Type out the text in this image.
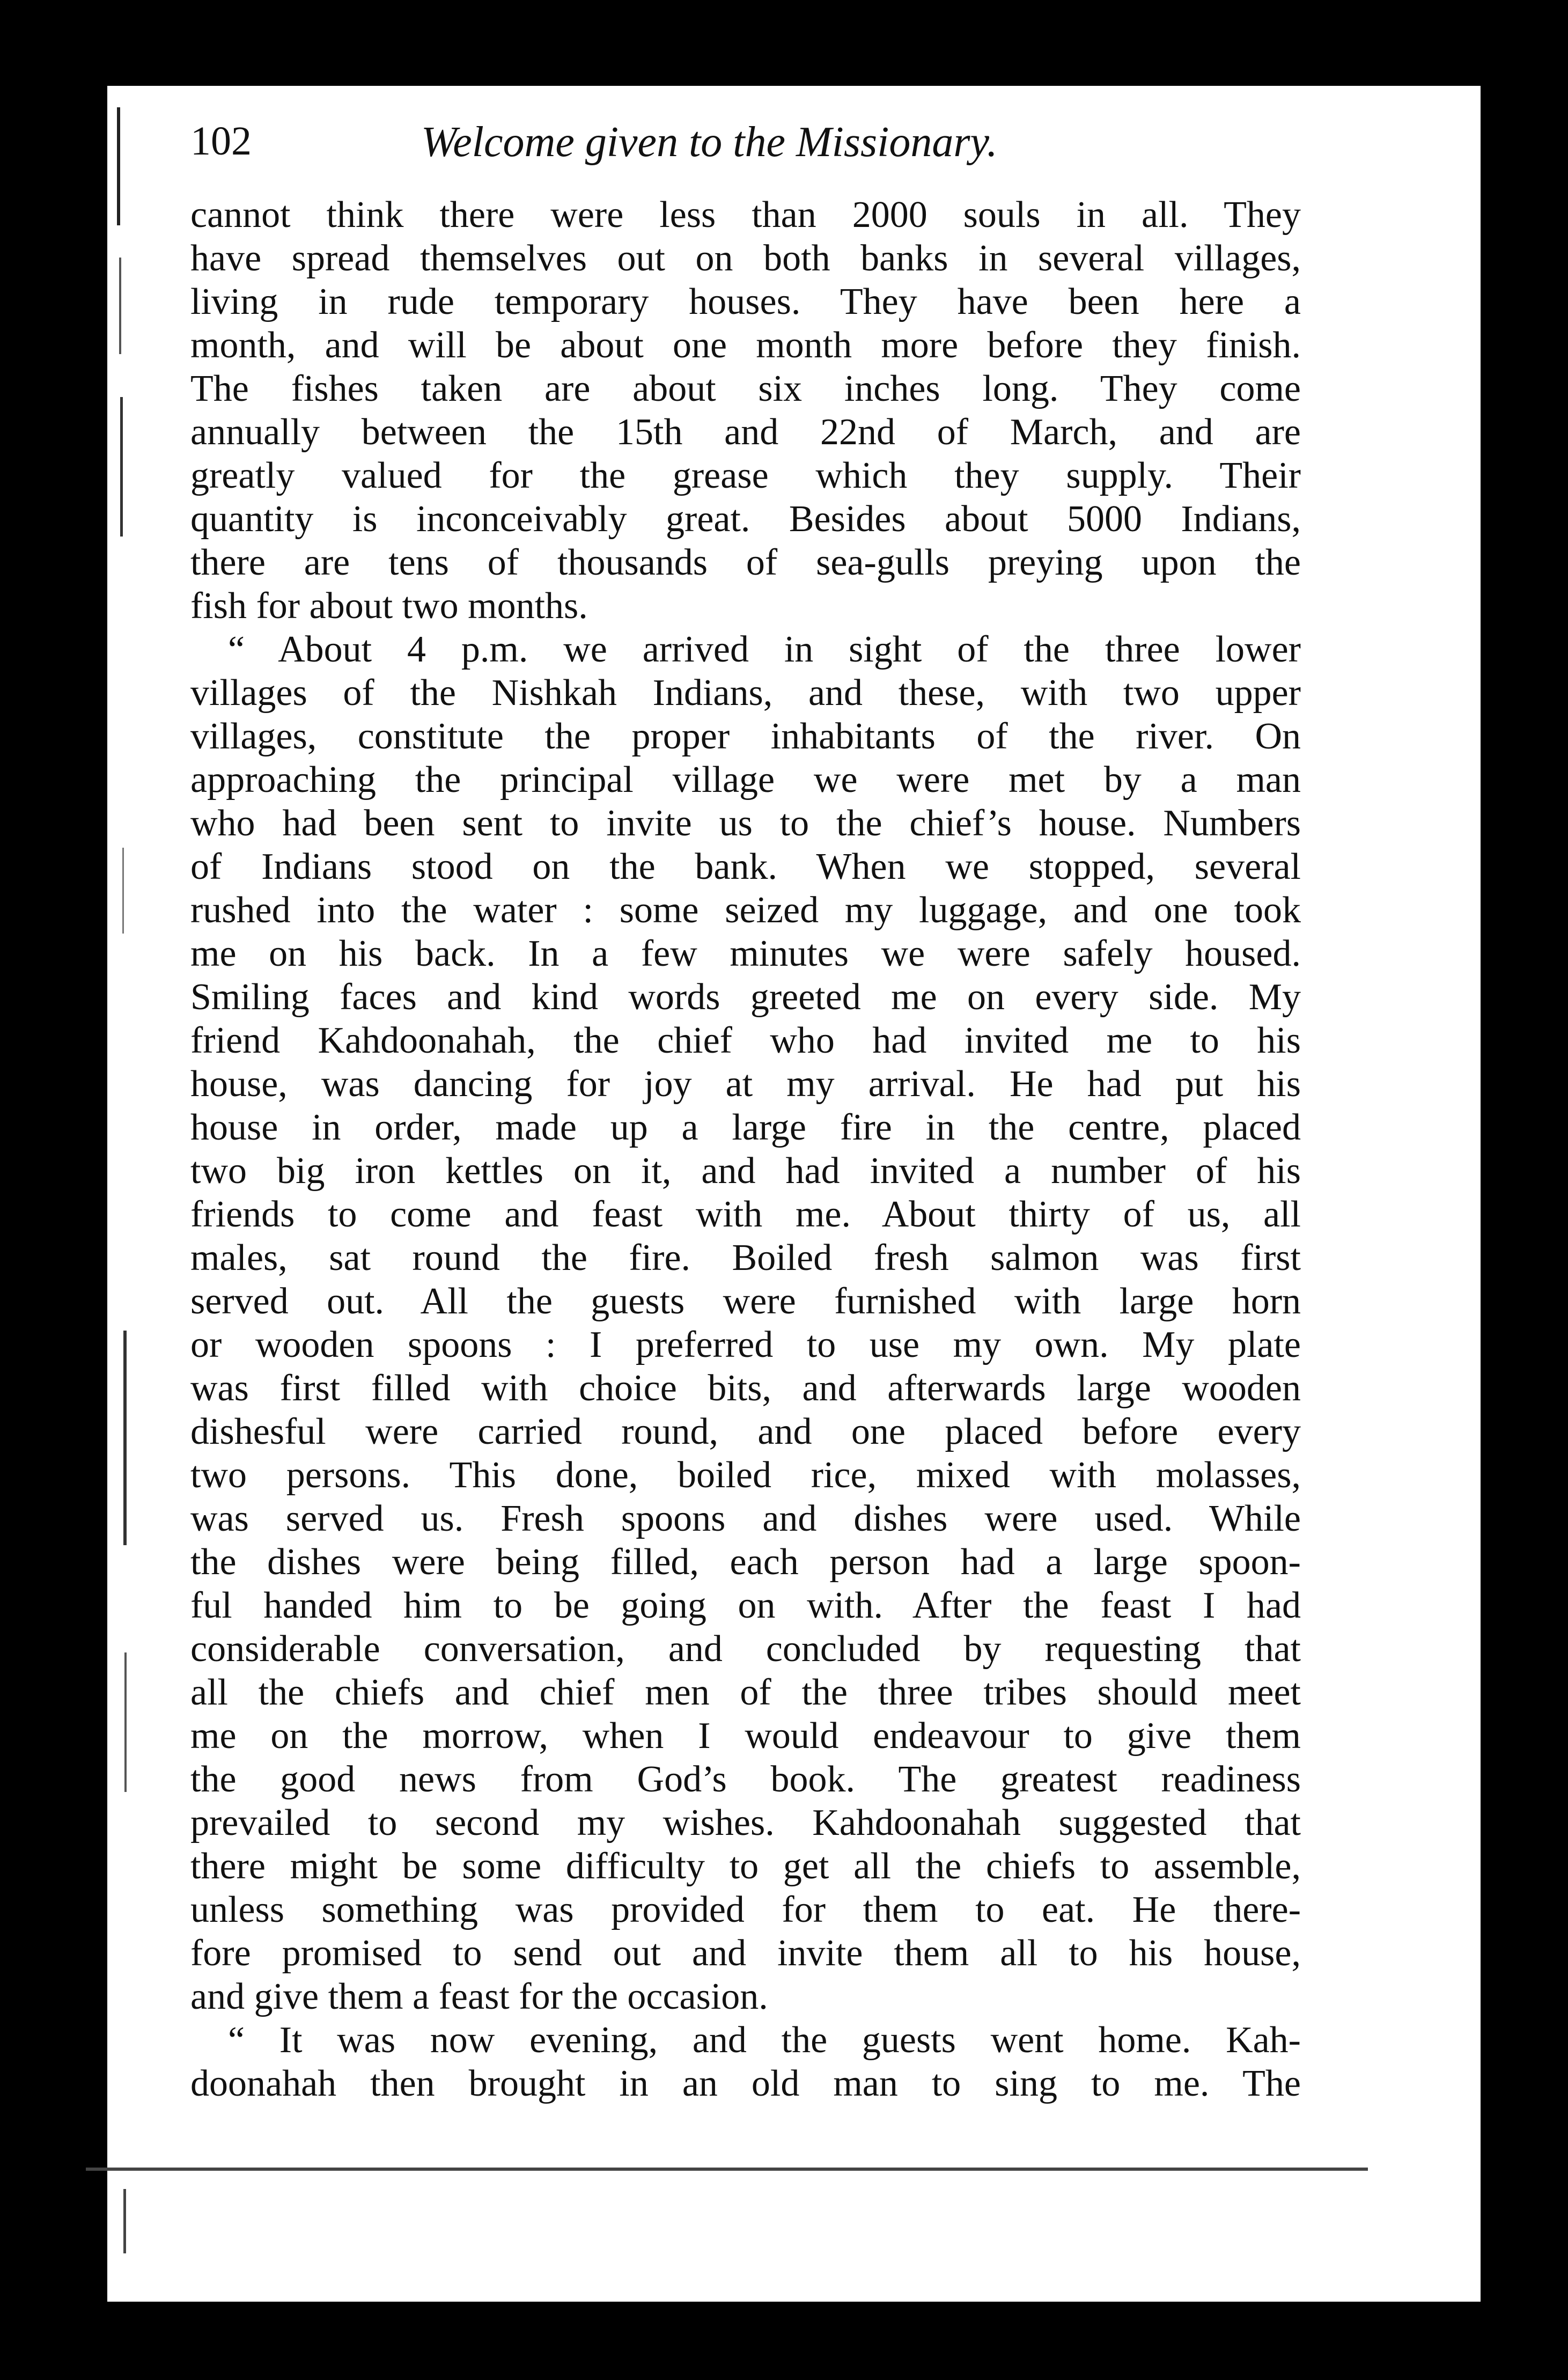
102	Welcome given to the Missionary.

cannot think there were less than 2000 souls in all. They
have spread themselves out on both banks in several villages,
living in rude temporary houses. They have been here a
month, and will be about one month more before they finish.
The fishes taken are about six inches long. They come
annually between the 15th and 22nd of March, and are
greatly valued for the grease which they supply. Their
quantity is inconceivably great. Besides about 5000 Indians,
there are tens of thousands of sea-gulls preying upon the
fish for about two months.

“ About 4 p.m. we arrived in sight of the three lower
villages of the Nishkah Indians, and these, with two upper
villages, constitute the proper inhabitants of the river. On
approaching the principal village we were met by a man
who had been sent to invite us to the chief’s house. Numbers
of Indians stood on the bank. When we stopped, several
rushed into the water : some seized my luggage, and one took
me on his back. In a few minutes we were safely housed.
Smiling faces and kind words greeted me on every side. My
friend Kahdoonahah, the chief who had invited me to his
house, was dancing for joy at my arrival. He had put his
house in order, made up a large fire in the centre, placed
two big iron kettles on it, and had invited a number of his
friends to come and feast with me. About thirty of us, all
males, sat round the fire. Boiled fresh salmon was first
served out. All the guests were furnished with large horn
or wooden spoons : I preferred to use my own. My plate
was first filled with choice bits, and afterwards large wooden
dishesful were carried round, and one placed before every
two persons. This done, boiled rice, mixed with molasses,
was served us. Fresh spoons and dishes were used. While
the dishes were being filled, each person had a large spoon-
ful handed him to be going on with. After the feast I had
considerable conversation, and concluded by requesting that
all the chiefs and chief men of the three tribes should meet
me on the morrow, when I would endeavour to give them
the good news from God’s book. The greatest readiness
prevailed to second my wishes. Kahdoonahah suggested that
there might be some difficulty to get all the chiefs to assemble,
unless something was provided for them to eat. He there-
fore promised to send out and invite them all to his house,
and give them a feast for the occasion.

“ It was now evening, and the guests went home. Kah-
doonahah then brought in an old man to sing to me. The
